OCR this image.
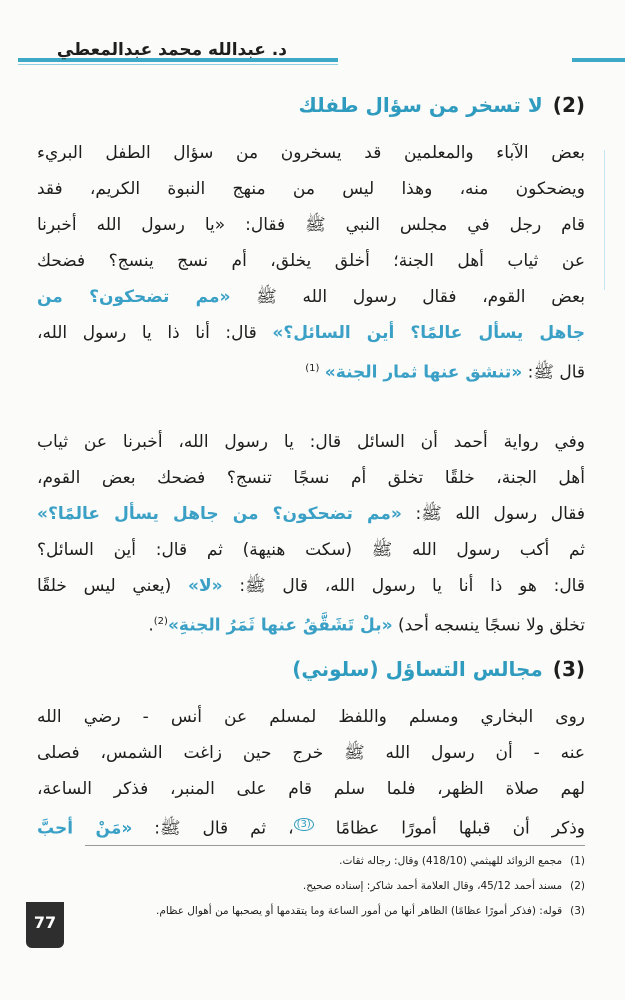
د. عبدالله محمد عبدالمعطي
(2)لا تسخر من سؤال طفلك

بعض الآباء والمعلمين قد يسخرون من سؤال الطفل البريء

ويضحكون منه، وهذا ليس من منهج النبوة الكريم، فقد

قام رجل في مجلس النبي ﷺ فقال: «يا رسول الله أخبرنا

عن ثياب أهل الجنة؛ أخلق يخلق، أم نسج ينسج؟ فضحك

بعض القوم، فقال رسول الله ﷺ «مم تضحكون؟ من

جاهل يسأل عالمًا؟ أين السائل؟» قال: أنا ذا يا رسول الله،

قال ﷺ: «تنشق عنها ثمار الجنة» $^{(1)}$

وفي رواية أحمد أن السائل قال: يا رسول الله، أخبرنا عن ثياب

أهل الجنة، خلقًا تخلق أم نسجًا تنسج؟ فضحك بعض القوم،

فقال رسول الله ﷺ: «مم تضحكون؟ من جاهل يسأل عالمًا؟»

ثم أكب رسول الله ﷺ (سكت هنيهة) ثم قال: أين السائل؟

قال: هو ذا أنا يا رسول الله، قال ﷺ: «لا» (يعني ليس خلقًا

تخلق ولا نسجًا ينسجه أحد) «بلْ تَشَقَّقُ عنها ثَمَرُ الجنةِ»$^{(2)}$.

(3)مجالس التساؤل (سلوني)

روى البخاري ومسلم واللفظ لمسلم عن أنس - رضي الله

عنه - أن رسول الله ﷺ خرج حين زاغت الشمس، فصلى

لهم صلاة الظهر، فلما سلم قام على المنبر، فذكر الساعة،

وذكر أن قبلها أمورًا عظامًا $^{(3)}$، ثم قال ﷺ: «مَنْ أحبَّ

(1)مجمع الزوائد للهيثمي (418/10) وقال: رجاله ثقات.
(2)مسند أحمد 45/12، وقال العلامة أحمد شاكر: إسناده صحيح.
(3)قوله: (فذكر أمورًا عظامًا) الظاهر أنها من أمور الساعة وما يتقدمها أو يصحبها من أهوال عظام.
77
